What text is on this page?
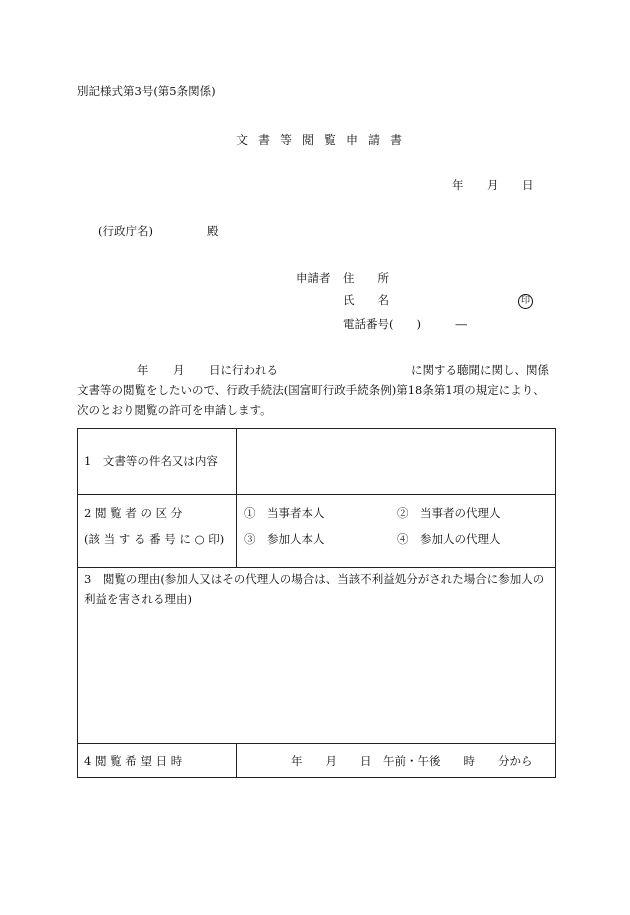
別記様式第3号(第5条関係)
文書等閲覧申請書
年 月 日
(行政庁名)	殿
申請者 住　　所
氏　　名	印
電話番号(　　)　　　―
年 月 日に行われる	に関する聴聞に関し、関係
文書等の閲覧をしたいので、行政手続法(国富町行政手続条例)第18条第1項の規定により、
次のとおり閲覧の許可を申請します。
1　文書等の件名又は内容
2 閲 覧 者 の 区 分
(該 当 す る 番 号 に ○ 印)
①　当事者本人	②　当事者の代理人
③　参加人本人	④　参加人の代理人
3　閲覧の理由(参加人又はその代理人の場合は、当該不利益処分がされた場合に参加人の利益を害される理由)
4 閲 覧 希 望 日 時	年　　月　　日　午前・午後　　時　　分から
